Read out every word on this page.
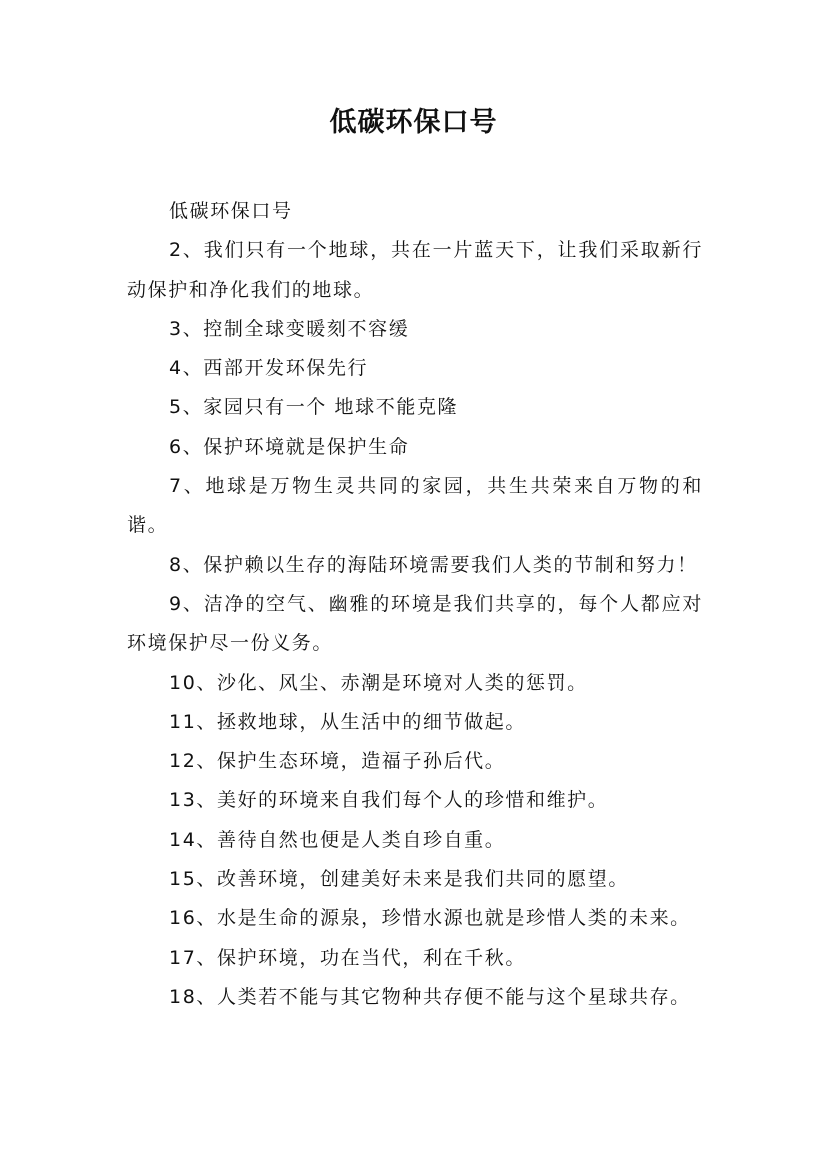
低碳环保口号

低碳环保口号

2、我们只有一个地球，共在一片蓝天下，让我们采取新行动保护和净化我们的地球。

3、控制全球变暖刻不容缓

4、西部开发环保先行

5、家园只有一个 地球不能克隆

6、保护环境就是保护生命

7、地球是万物生灵共同的家园，共生共荣来自万物的和谐。

8、保护赖以生存的海陆环境需要我们人类的节制和努力！

9、洁净的空气、幽雅的环境是我们共享的，每个人都应对环境保护尽一份义务。

10、沙化、风尘、赤潮是环境对人类的惩罚。

11、拯救地球，从生活中的细节做起。

12、保护生态环境，造福子孙后代。

13、美好的环境来自我们每个人的珍惜和维护。

14、善待自然也便是人类自珍自重。

15、改善环境，创建美好未来是我们共同的愿望。

16、水是生命的源泉，珍惜水源也就是珍惜人类的未来。

17、保护环境，功在当代，利在千秋。

18、人类若不能与其它物种共存便不能与这个星球共存。
